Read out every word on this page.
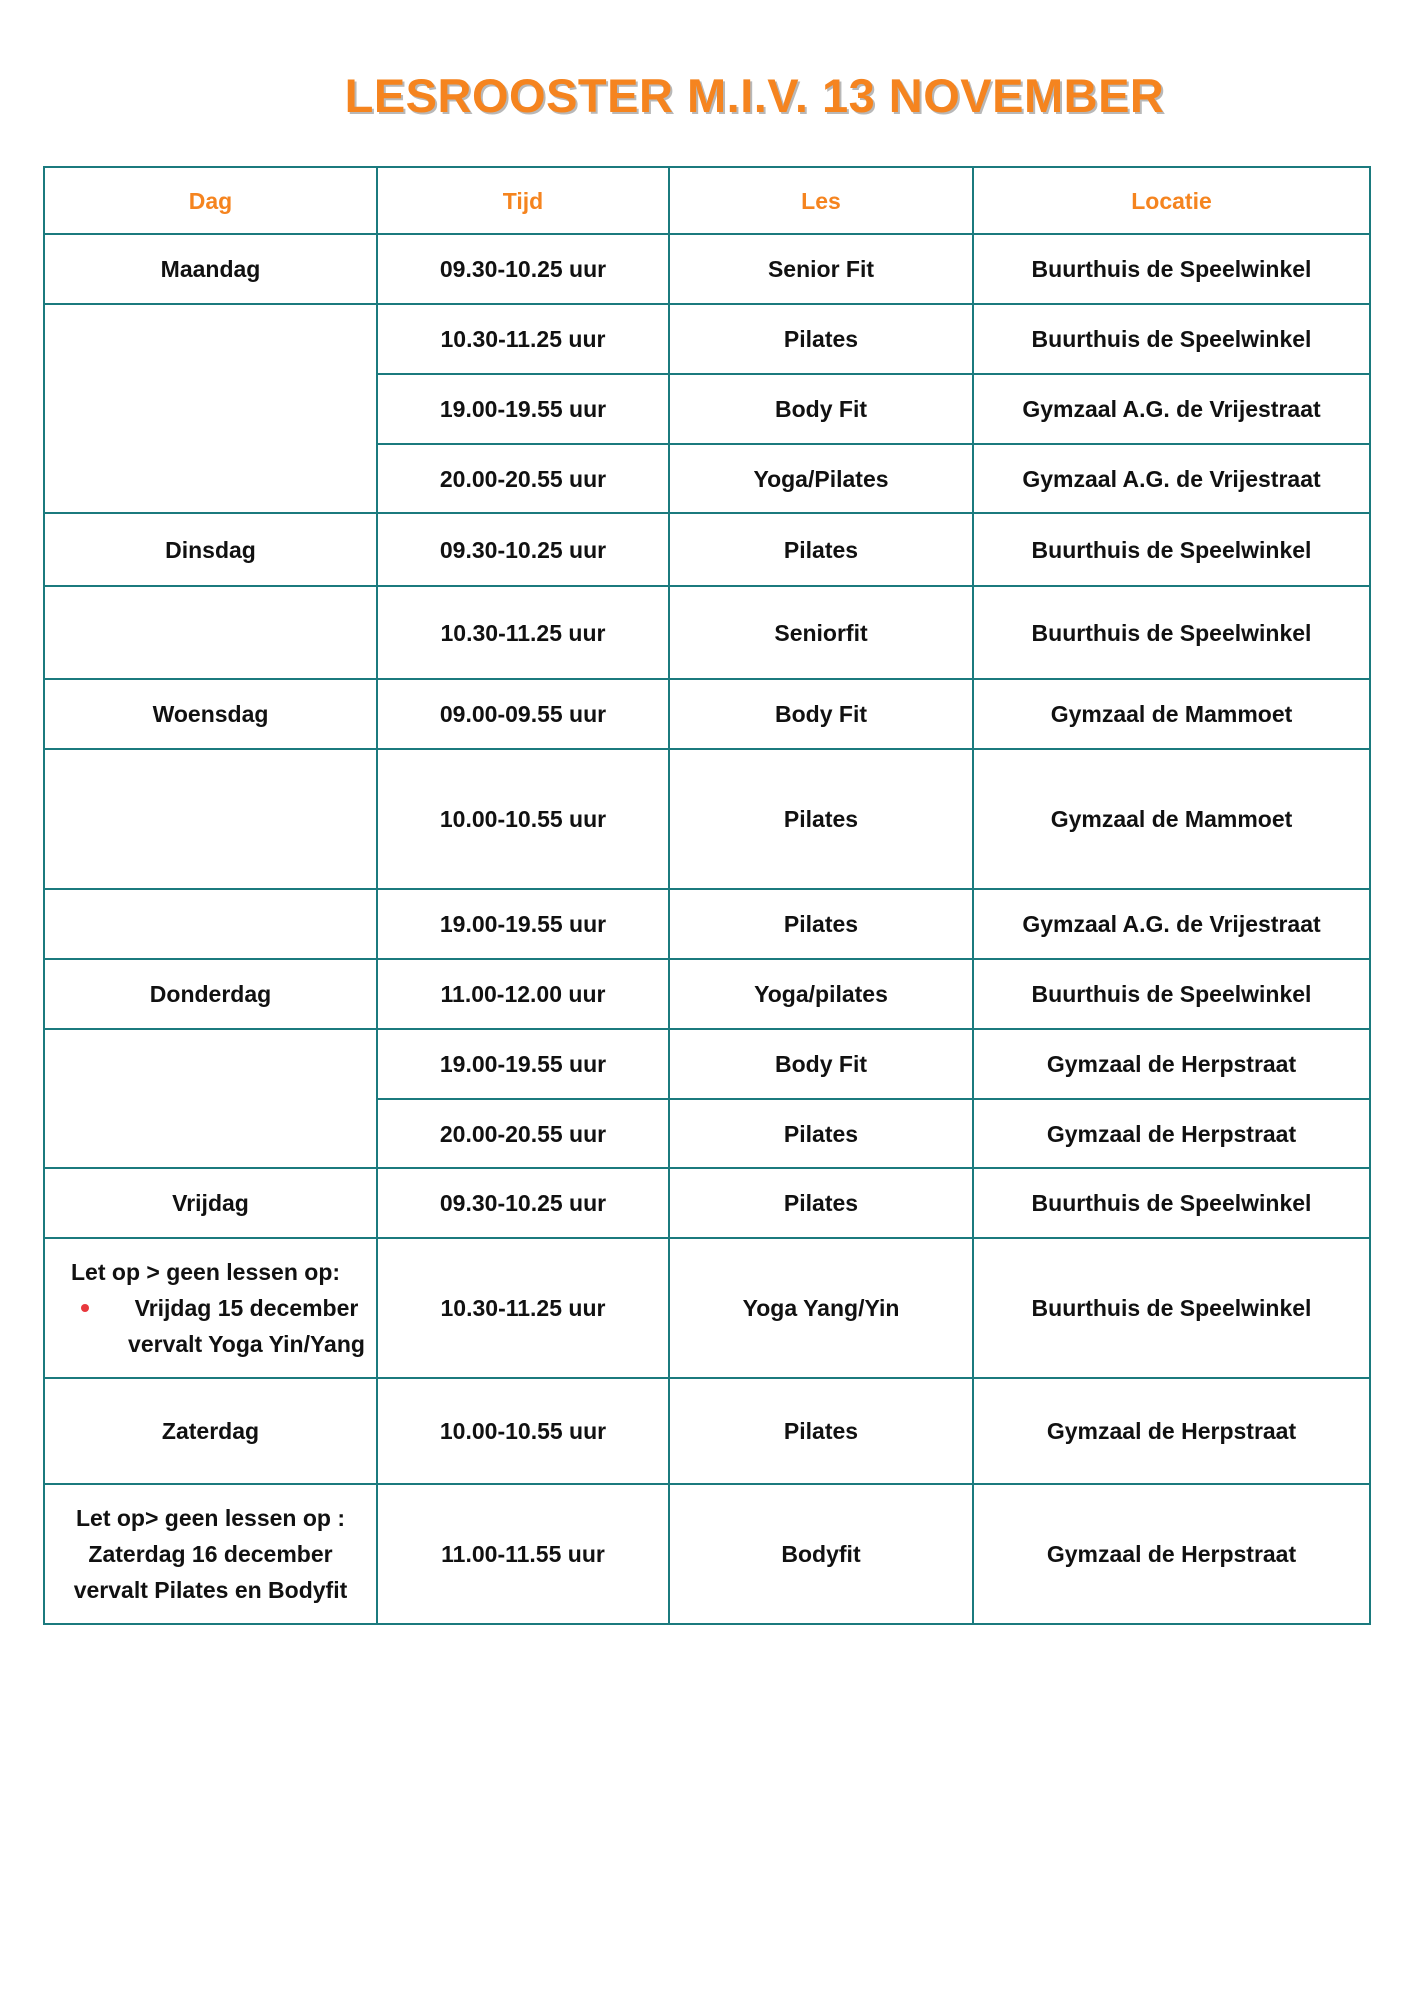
LESROOSTER M.I.V. 13 NOVEMBER
Dag	Tijd	Les	Locatie
Maandag	09.30-10.25 uur	Senior Fit	Buurthuis de Speelwinkel
	10.30-11.25 uur	Pilates	Buurthuis de Speelwinkel
	19.00-19.55 uur	Body Fit	Gymzaal A.G. de Vrijestraat
	20.00-20.55 uur	Yoga/Pilates	Gymzaal A.G. de Vrijestraat
Dinsdag	09.30-10.25 uur	Pilates	Buurthuis de Speelwinkel
	10.30-11.25 uur	Seniorfit	Buurthuis de Speelwinkel
Woensdag	09.00-09.55 uur	Body Fit	Gymzaal de Mammoet
	10.00-10.55 uur	Pilates	Gymzaal de Mammoet
	19.00-19.55 uur	Pilates	Gymzaal A.G. de Vrijestraat
Donderdag	11.00-12.00 uur	Yoga/pilates	Buurthuis de Speelwinkel
	19.00-19.55 uur	Body Fit	Gymzaal de Herpstraat
	20.00-20.55 uur	Pilates	Gymzaal de Herpstraat
Vrijdag	09.30-10.25 uur	Pilates	Buurthuis de Speelwinkel

Let op > geen lessen op:
Vrijdag 15 december vervalt Yoga Yin/Yang	10.30-11.25 uur	Yoga Yang/Yin	Buurthuis de Speelwinkel
Zaterdag	10.00-10.55 uur	Pilates	Gymzaal de Herpstraat

Let op> geen lessen op :
Zaterdag 16 december
vervalt Pilates en Bodyfit	11.00-11.55 uur	Bodyfit	Gymzaal de Herpstraat
